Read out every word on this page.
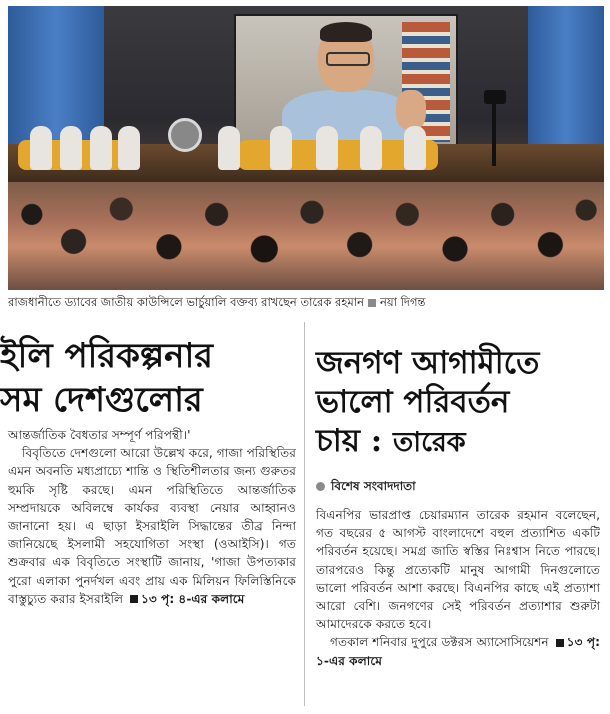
রাজধানীতে ড্যাবের জাতীয় কাউন্সিলে ভার্চুয়ালি বক্তব্য রাখছেন তারেক রহমান নয়া দিগন্ত
ইলি পরিকল্পনার
সম দেশগুলোর

আন্তর্জাতিক বৈধতার সম্পূর্ণ পরিপন্থী।'

বিবৃতিতে দেশগুলো আরো উল্লেখ করে, গাজা পরিস্থিতির এমন অবনতি মধ্যপ্রাচ্যে শান্তি ও স্থিতিশীলতার জন্য গুরুতর হুমকি সৃষ্টি করছে। এমন পরিস্থিতিতে আন্তর্জাতিক সম্প্রদায়কে অবিলম্বে কার্যকর ব্যবস্থা নেয়ার আহ্বানও জানানো হয়। এ ছাড়া ইসরাইলি সিদ্ধান্তের তীব্র নিন্দা জানিয়েছে ইসলামী সহযোগিতা সংস্থা (ওআইসি)। গত শুক্রবার এক বিবৃতিতে সংস্থাটি জানায়, 'গাজা উপত্যকার পুরো এলাকা পুনর্দখল এবং প্রায় এক মিলিয়ন ফিলিস্তিনিকে বাস্তুচ্যুত করার ইসরাইলি ১৩ পৃ: ৪-এর কলামে

জনগণ আগামীতে
ভালো পরিবর্তন
চায় : তারেক
বিশেষ সংবাদদাতা

বিএনপির ভারপ্রাপ্ত চেয়ারম্যান তারেক রহমান বলেছেন, গত বছরের ৫ আগস্ট বাংলাদেশে বহুল প্রত্যাশিত একটি পরিবর্তন হয়েছে। সমগ্র জাতি স্বস্তির নিঃশ্বাস নিতে পারছে। তারপরেও কিন্তু প্রত্যেকটি মানুষ আগামী দিনগুলোতে ভালো পরিবর্তন আশা করছে। বিএনপির কাছে এই প্রত্যাশা আরো বেশি। জনগণের সেই পরিবর্তন প্রত্যাশার শুরুটা আমাদেরকে করতে হবে।

গতকাল শনিবার দুপুরে ডক্টরস অ্যাসোসিয়েশন ১৩ পৃ: ১-এর কলামে
